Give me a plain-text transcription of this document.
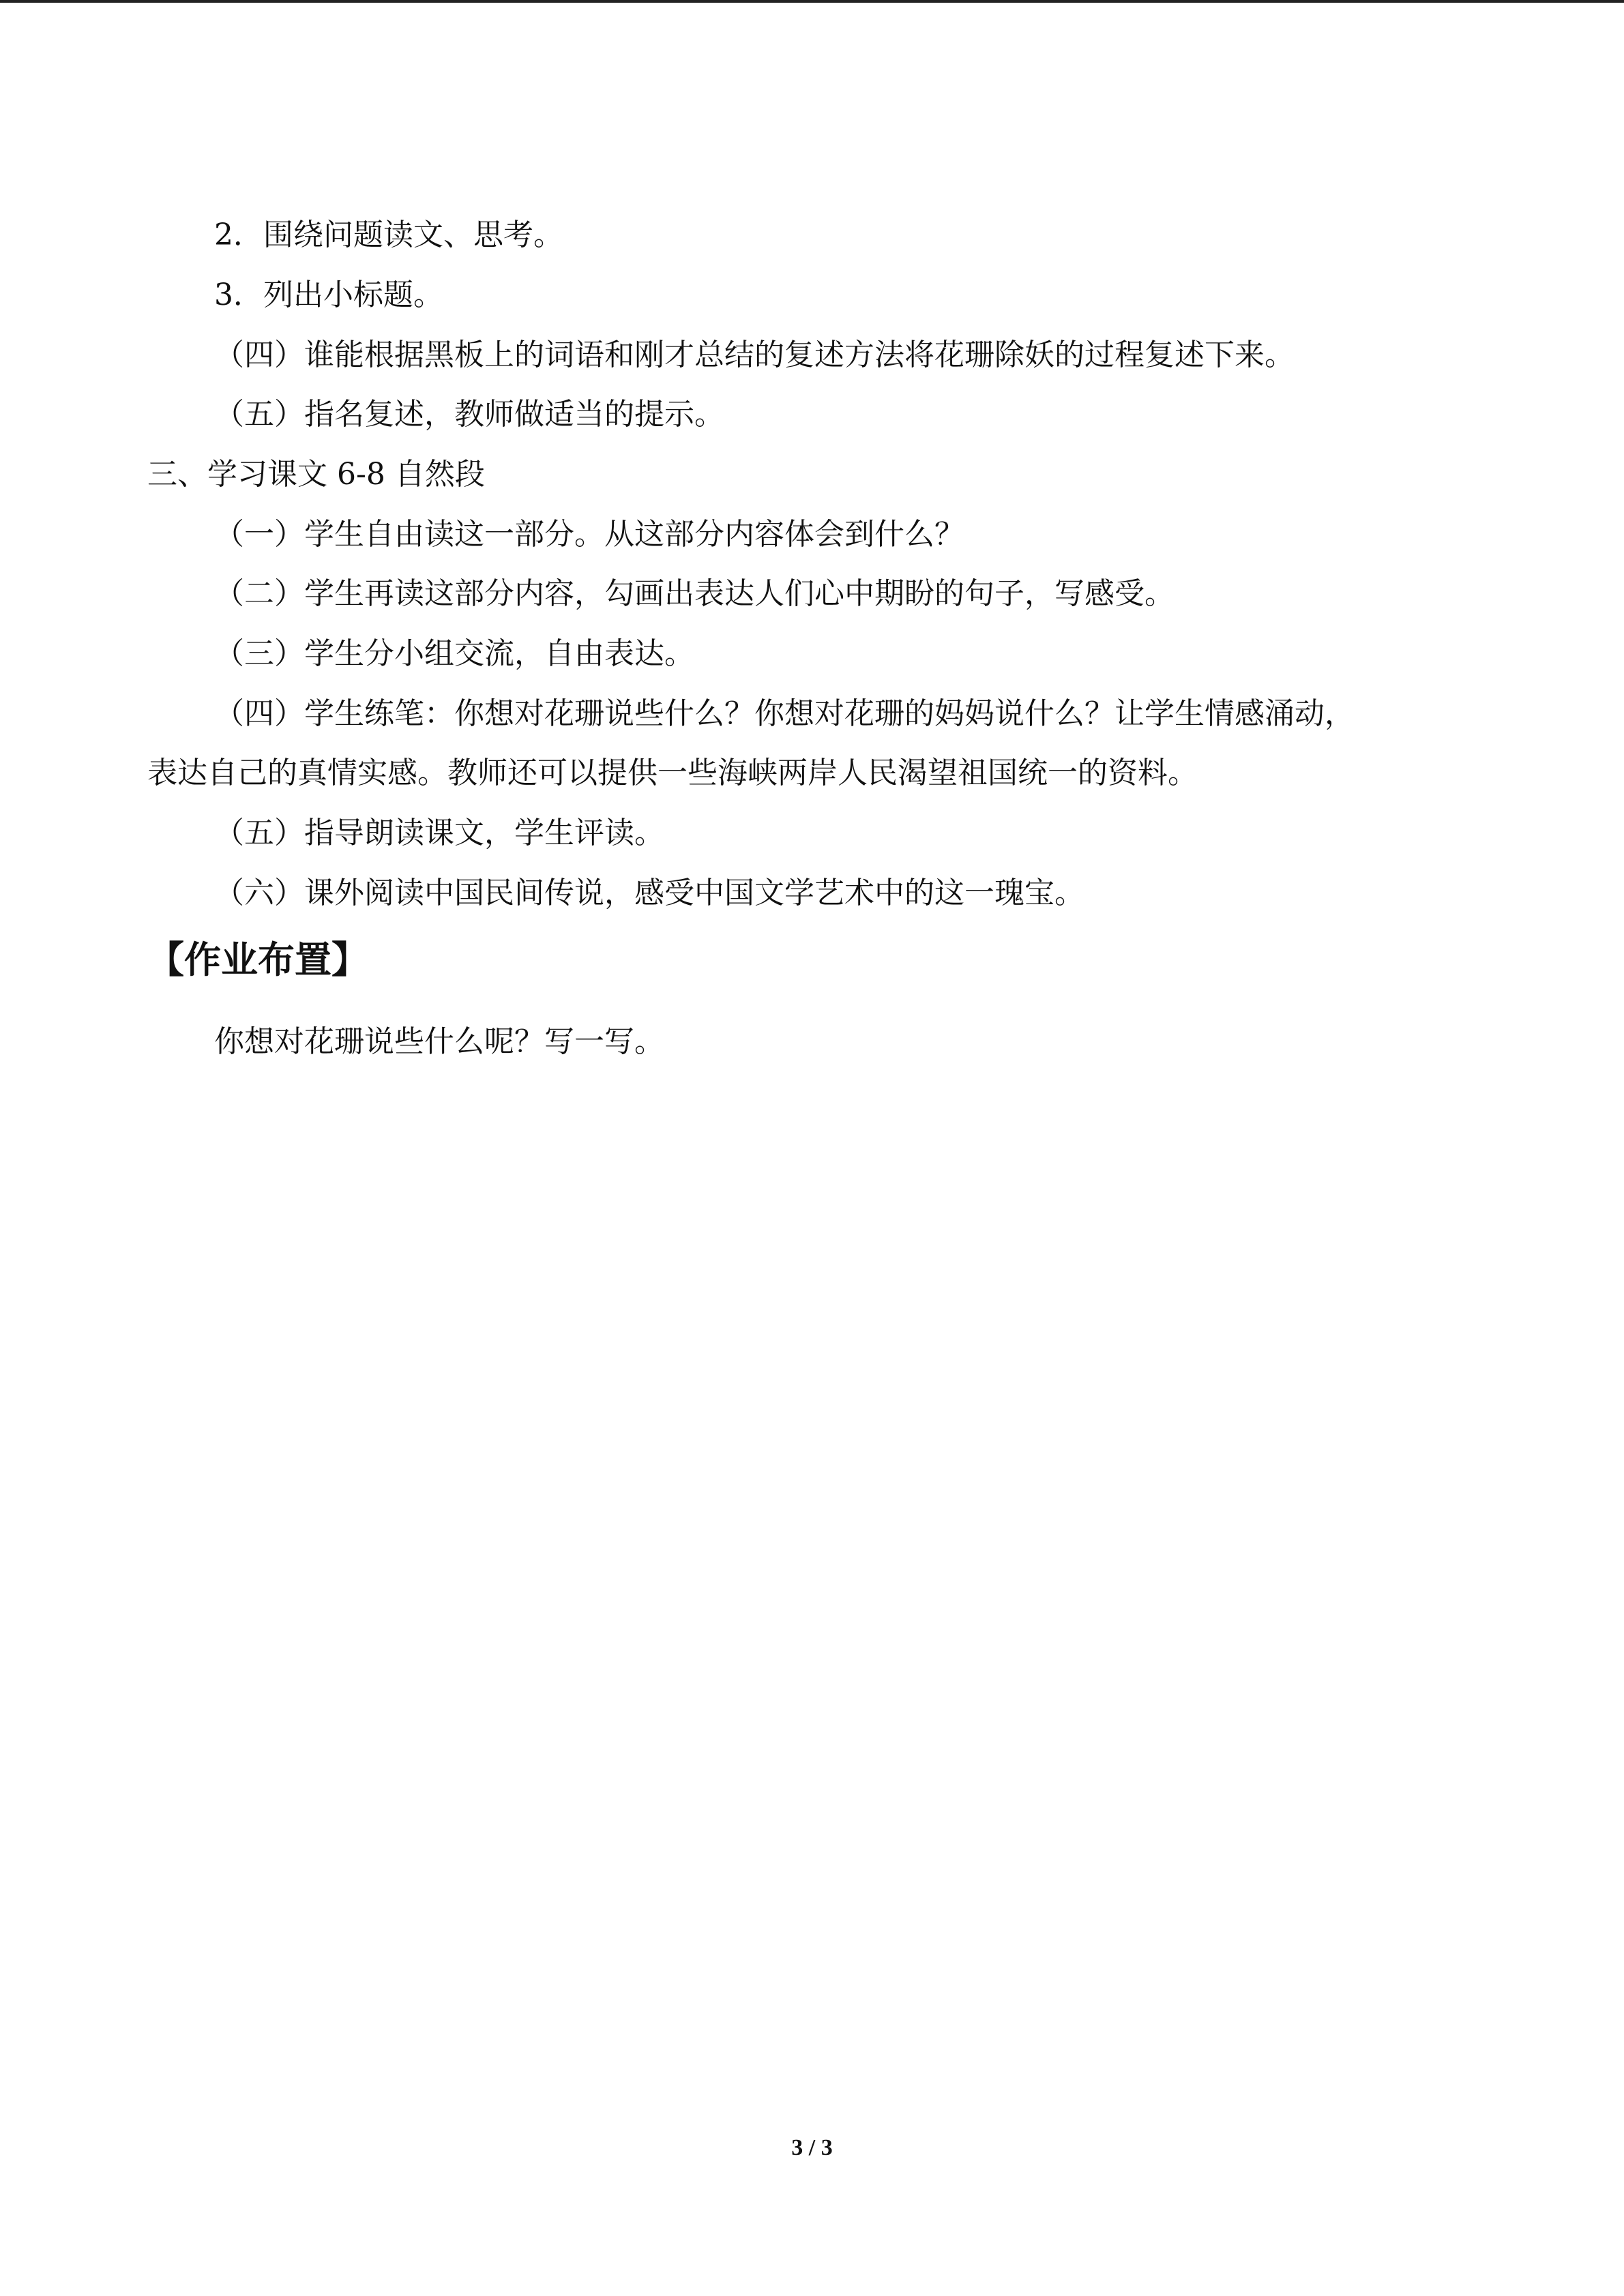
2．围绕问题读文、思考。
3．列出小标题。
（四）谁能根据黑板上的词语和刚才总结的复述方法将花珊除妖的过程复述下来。
（五）指名复述，教师做适当的提示。
三、学习课文 6-8 自然段
（一）学生自由读这一部分。从这部分内容体会到什么？
（二）学生再读这部分内容，勾画出表达人们心中期盼的句子，写感受。
（三）学生分小组交流，自由表达。
（四）学生练笔：你想对花珊说些什么？你想对花珊的妈妈说什么？让学生情感涌动，
表达自己的真情实感。教师还可以提供一些海峡两岸人民渴望祖国统一的资料。
（五）指导朗读课文，学生评读。
（六）课外阅读中国民间传说，感受中国文学艺术中的这一瑰宝。
【作业布置】
你想对花珊说些什么呢？写一写。
3 / 3
